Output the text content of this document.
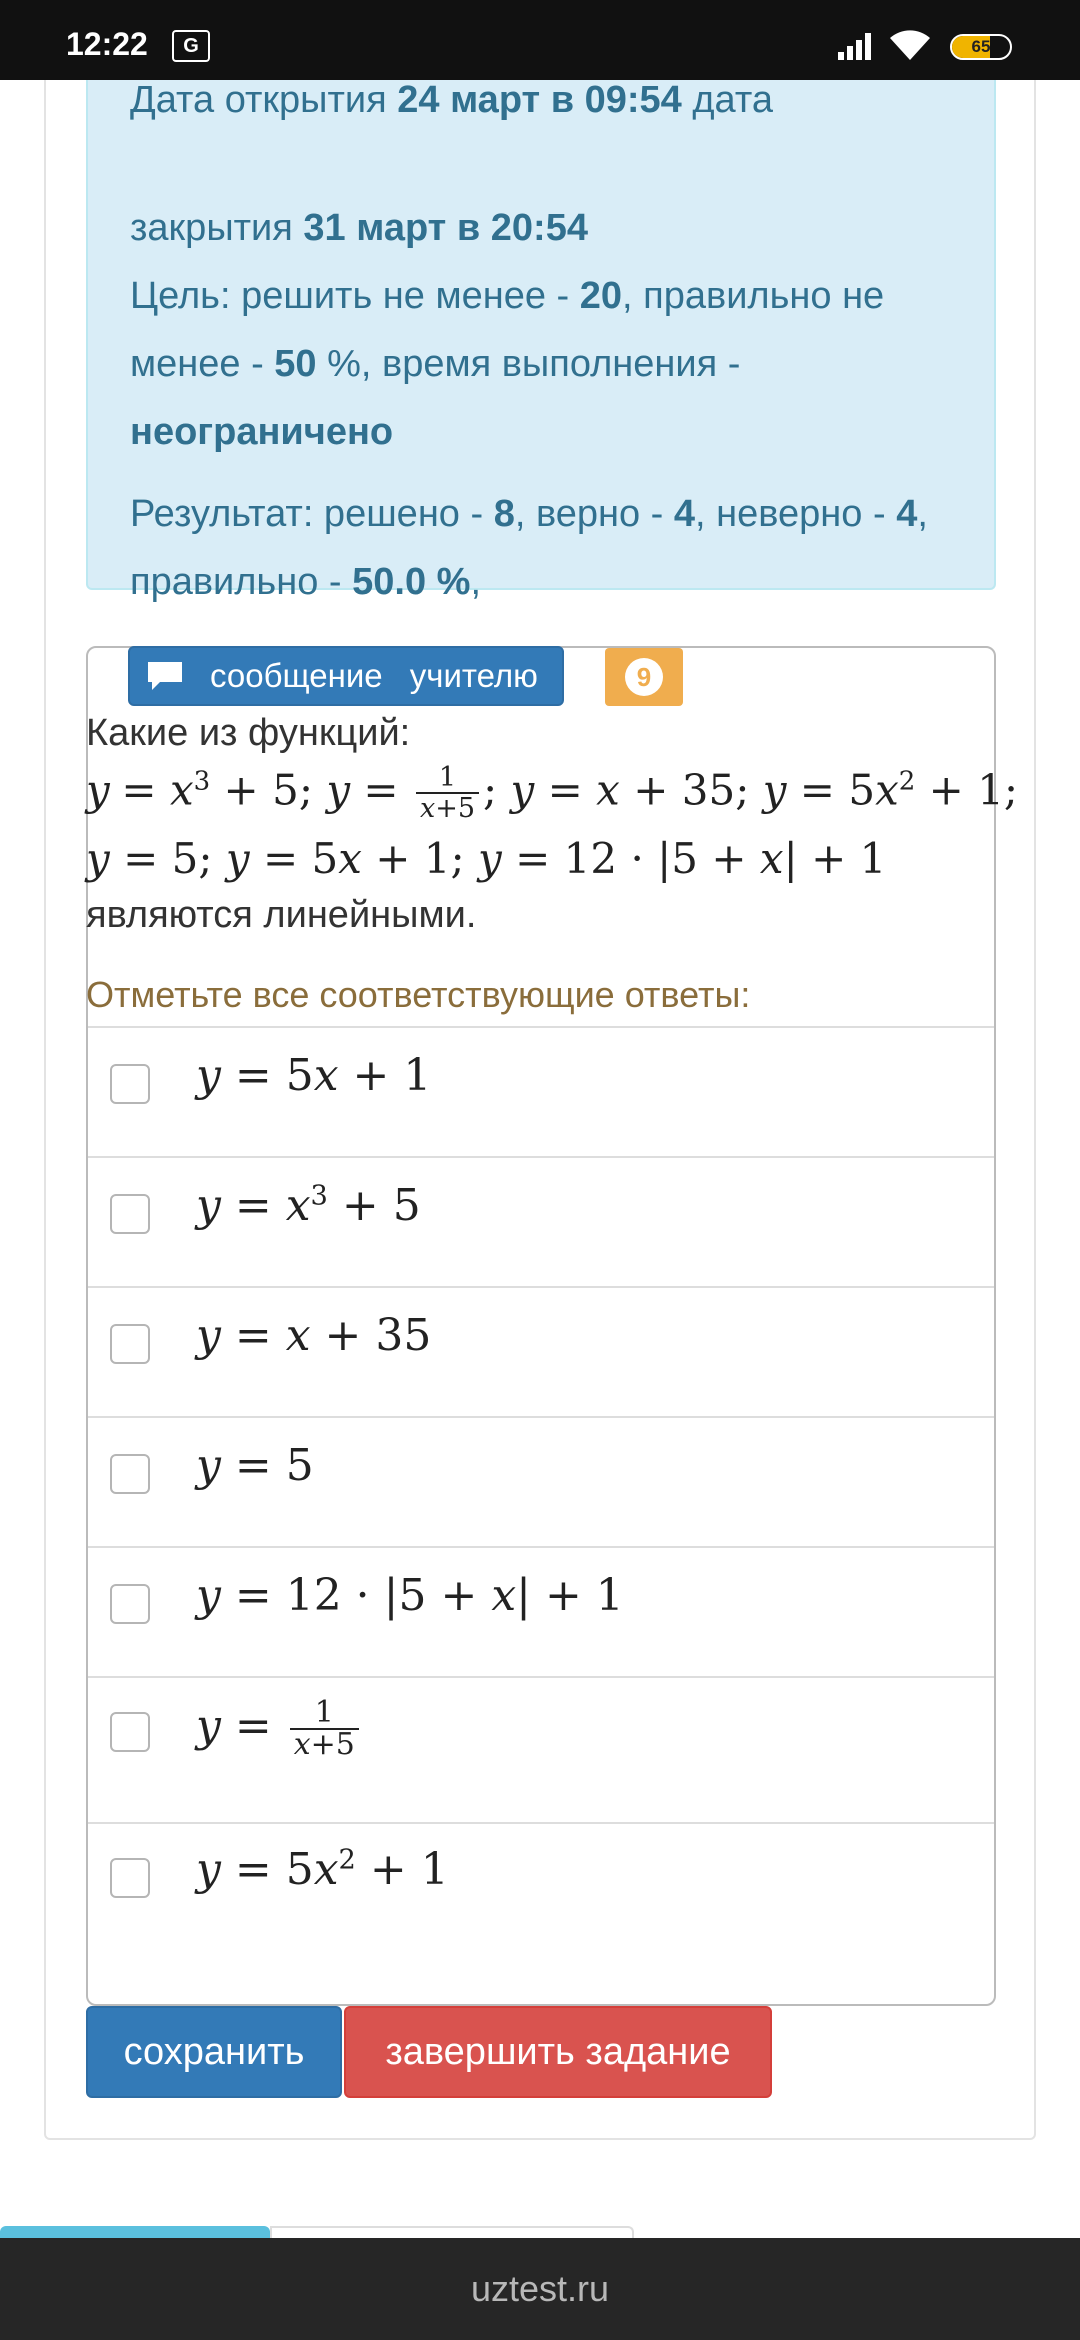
12:22	G	65

Дата открытия 24 март в 09:54 дата

закрытия 31 март в 20:54

Цель: решить не менее - 20, правильно не

менее - 50 %, время выполнения -

неограничено

Результат: решено - 8, верно - 4, неверно - 4,

правильно - 50.0 %,

сообщение учителю	9
Какие из функций:
$y = x^3 + 5$; $y = \frac{1}{x+5}$ ; y = x + 35; $y = 5x^2 + 1$;
y = 5; y = 5x + 1; y = 12 · |5 + x| + 1
являются линейными.
Отметьте все соответствующие ответы:
y = 5x + 1
$y = x^3 + 5$
y = x + 35
y = 5
y = 12 · |5 + x| + 1
$y = \frac{1}{x+5}$
$y = 5x^2 + 1$
сохранить	завершить задание
uztest.ru
